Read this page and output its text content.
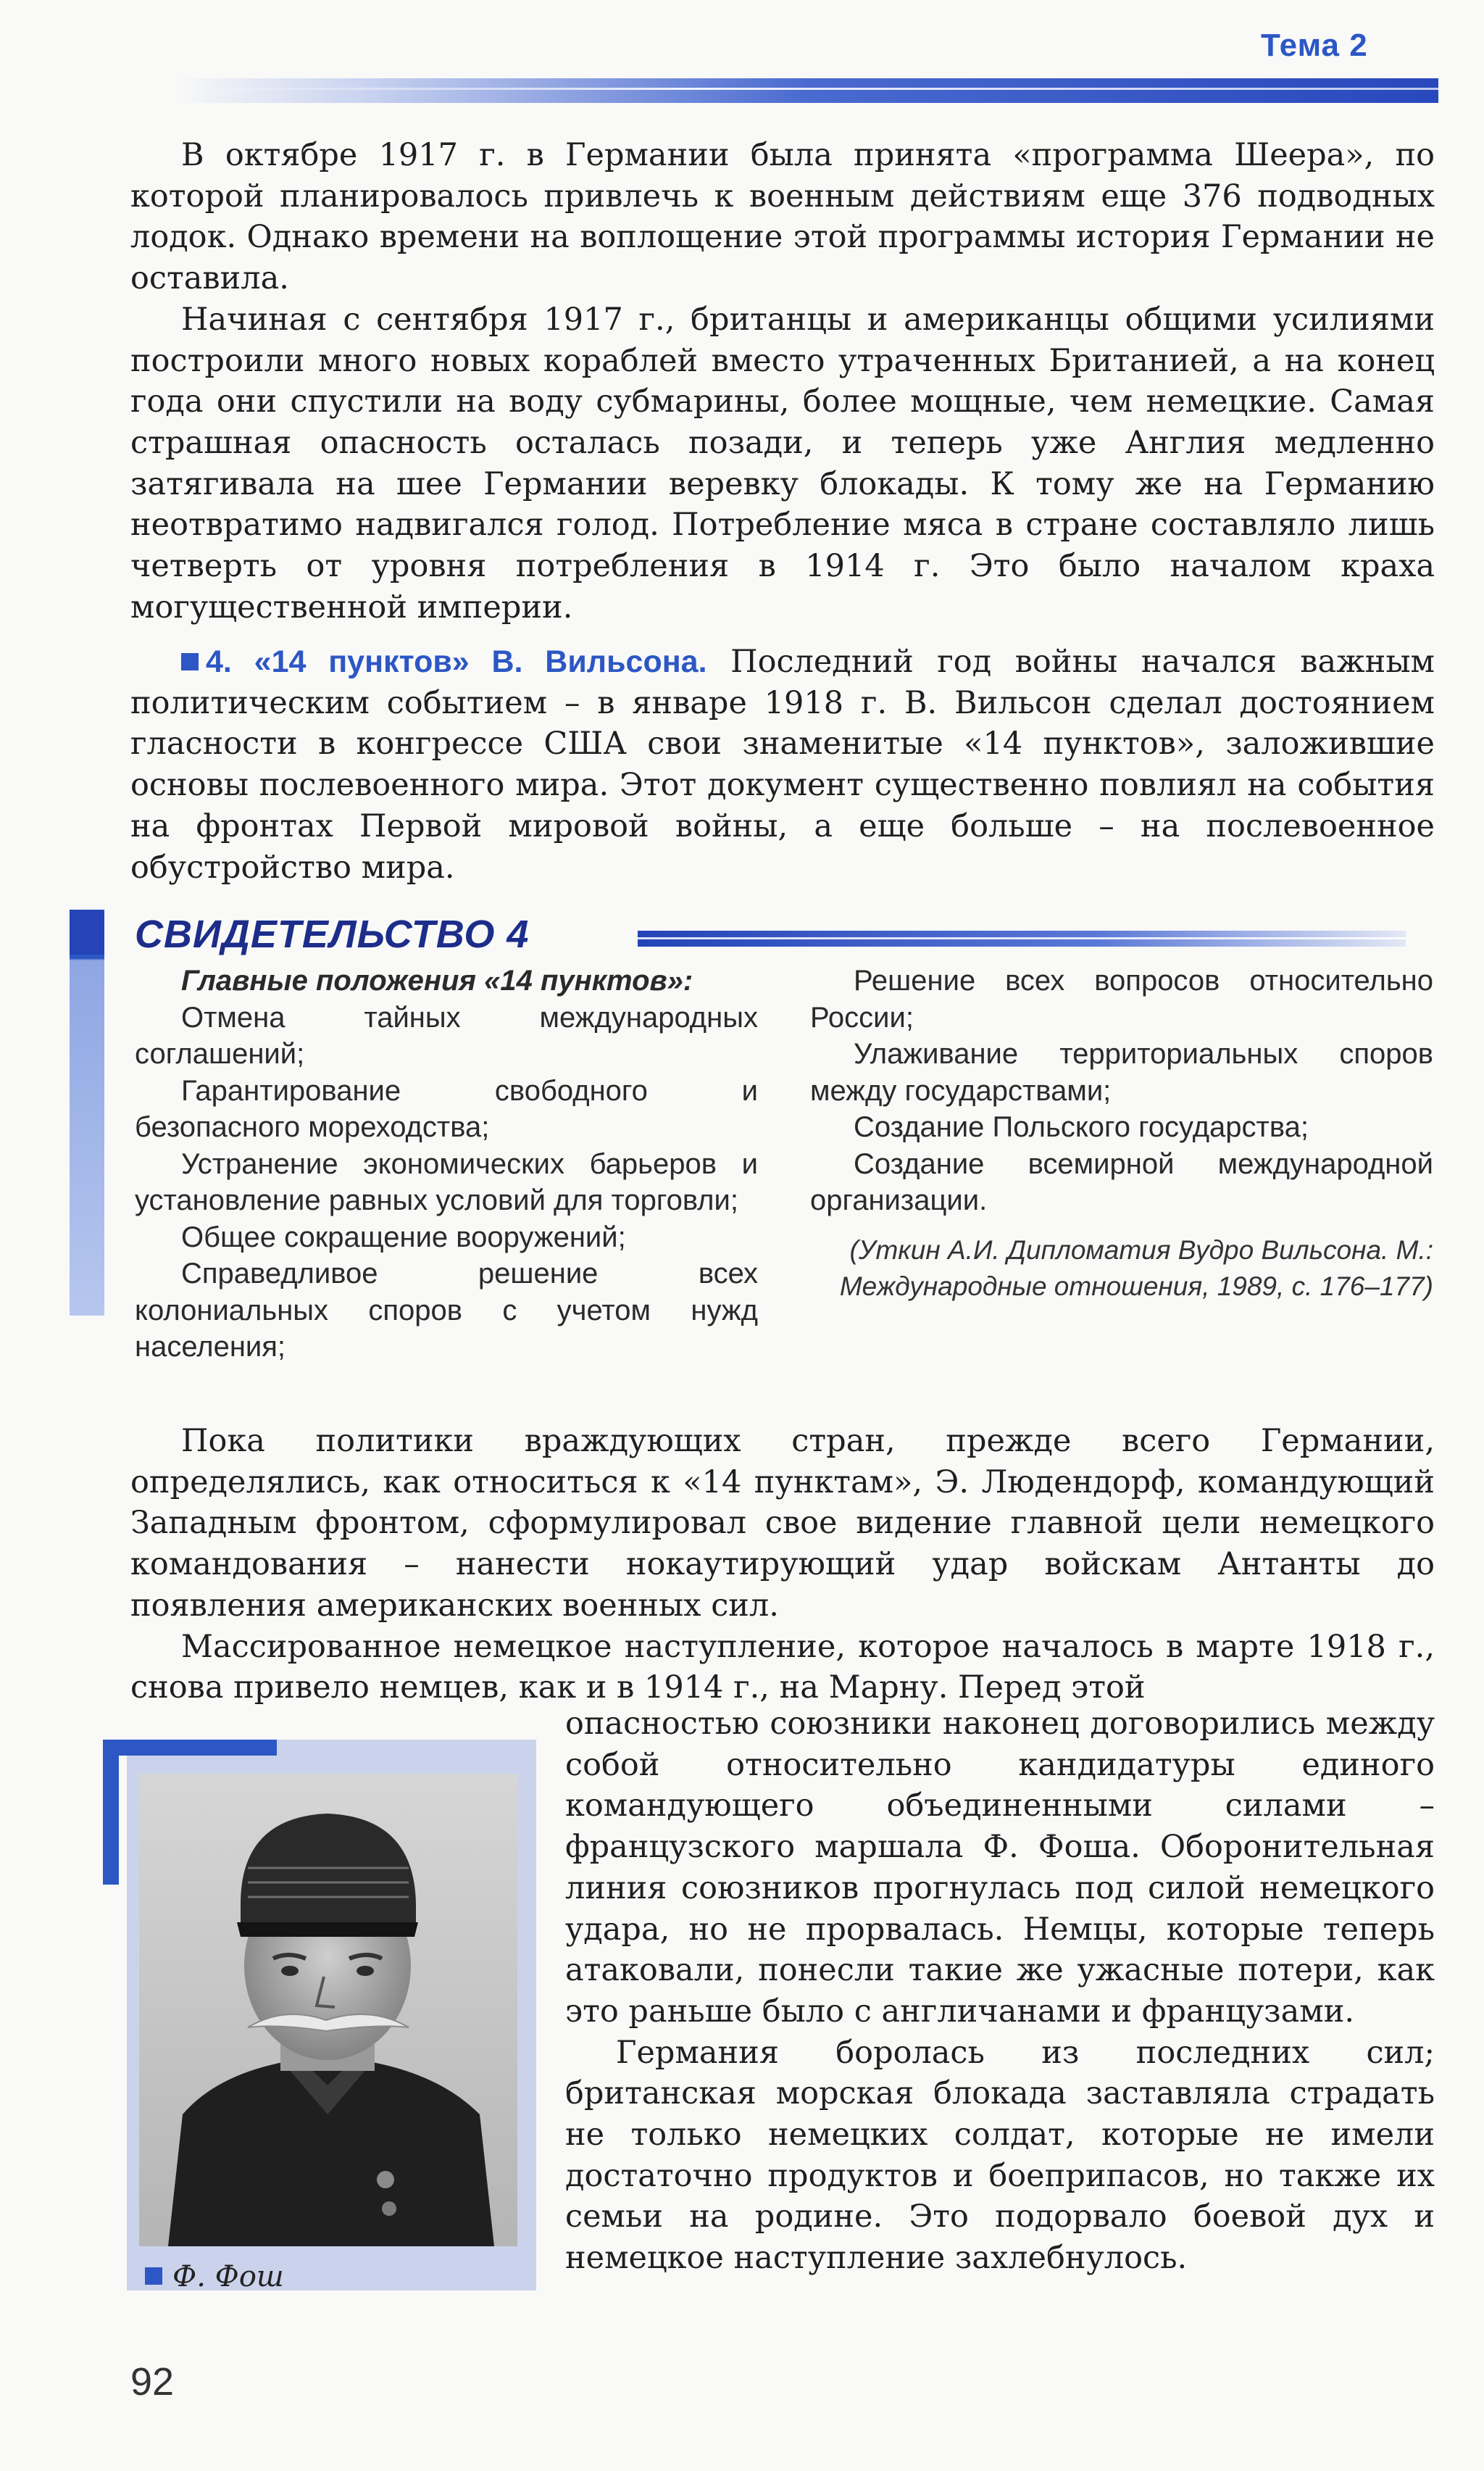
Тема 2

В октябре 1917 г. в Германии была принята «программа Шеера», по которой планировалось привлечь к военным действиям еще 376 подводных лодок. Однако времени на воплощение этой программы история Германии не оставила.

Начиная с сентября 1917 г., британцы и американцы общими усилиями построили много новых кораблей вместо утраченных Британией, а на конец года они спустили на воду субмарины, более мощные, чем немецкие. Самая страшная опасность осталась позади, и теперь уже Англия медленно затягивала на шее Германии веревку блокады. К тому же на Германию неотвратимо надвигался голод. Потребление мяса в стране составляло лишь четверть от уровня потребления в 1914 г. Это было началом краха могущественной империи.

4. «14 пунктов» В. Вильсона. Последний год войны начался важным политическим событием – в январе 1918 г. В. Вильсон сделал достоянием гласности в конгрессе США свои знаменитые «14 пунктов», заложившие основы послевоенного мира. Этот документ существенно повлиял на события на фронтах Первой мировой войны, а еще больше – на послевоенное обустройство мира.

СВИДЕТЕЛЬСТВО 4

Главные положения «14 пунктов»:

Отмена тайных международных соглашений;

Гарантирование свободного и безопасного мореходства;

Устранение экономических барьеров и установление равных условий для торговли;

Общее сокращение вооружений;

Справедливое решение всех колониальных споров с учетом нужд населения;

Решение всех вопросов относительно России;

Улаживание территориальных споров между государствами;

Создание Польского государства;

Создание всемирной международной организации.

(Уткин А.И. Дипломатия Вудро Вильсона. М.: Международные отношения, 1989, с. 176–177)

Пока политики враждующих стран, прежде всего Германии, определялись, как относиться к «14 пунктам», Э. Людендорф, командующий Западным фронтом, сформулировал свое видение главной цели немецкого командования – нанести нокаутирующий удар войскам Антанты до появления американских военных сил.

Массированное немецкое наступление, которое началось в марте 1918 г., снова привело немцев, как и в 1914 г., на Марну. Перед этой

Ф. Фош

опасностью союзники наконец договорились между собой относительно кандидатуры единого командующего объединенными силами – французского маршала Ф. Фоша. Оборонительная линия союзников прогнулась под силой немецкого удара, но не прорвалась. Немцы, которые теперь атаковали, понесли такие же ужасные потери, как это раньше было с англичанами и французами.

Германия боролась из последних сил; британская морская блокада заставляла страдать не только немецких солдат, которые не имели достаточно продуктов и боеприпасов, но также их семьи на родине. Это подорвало боевой дух и немецкое наступление захлебнулось.

92
